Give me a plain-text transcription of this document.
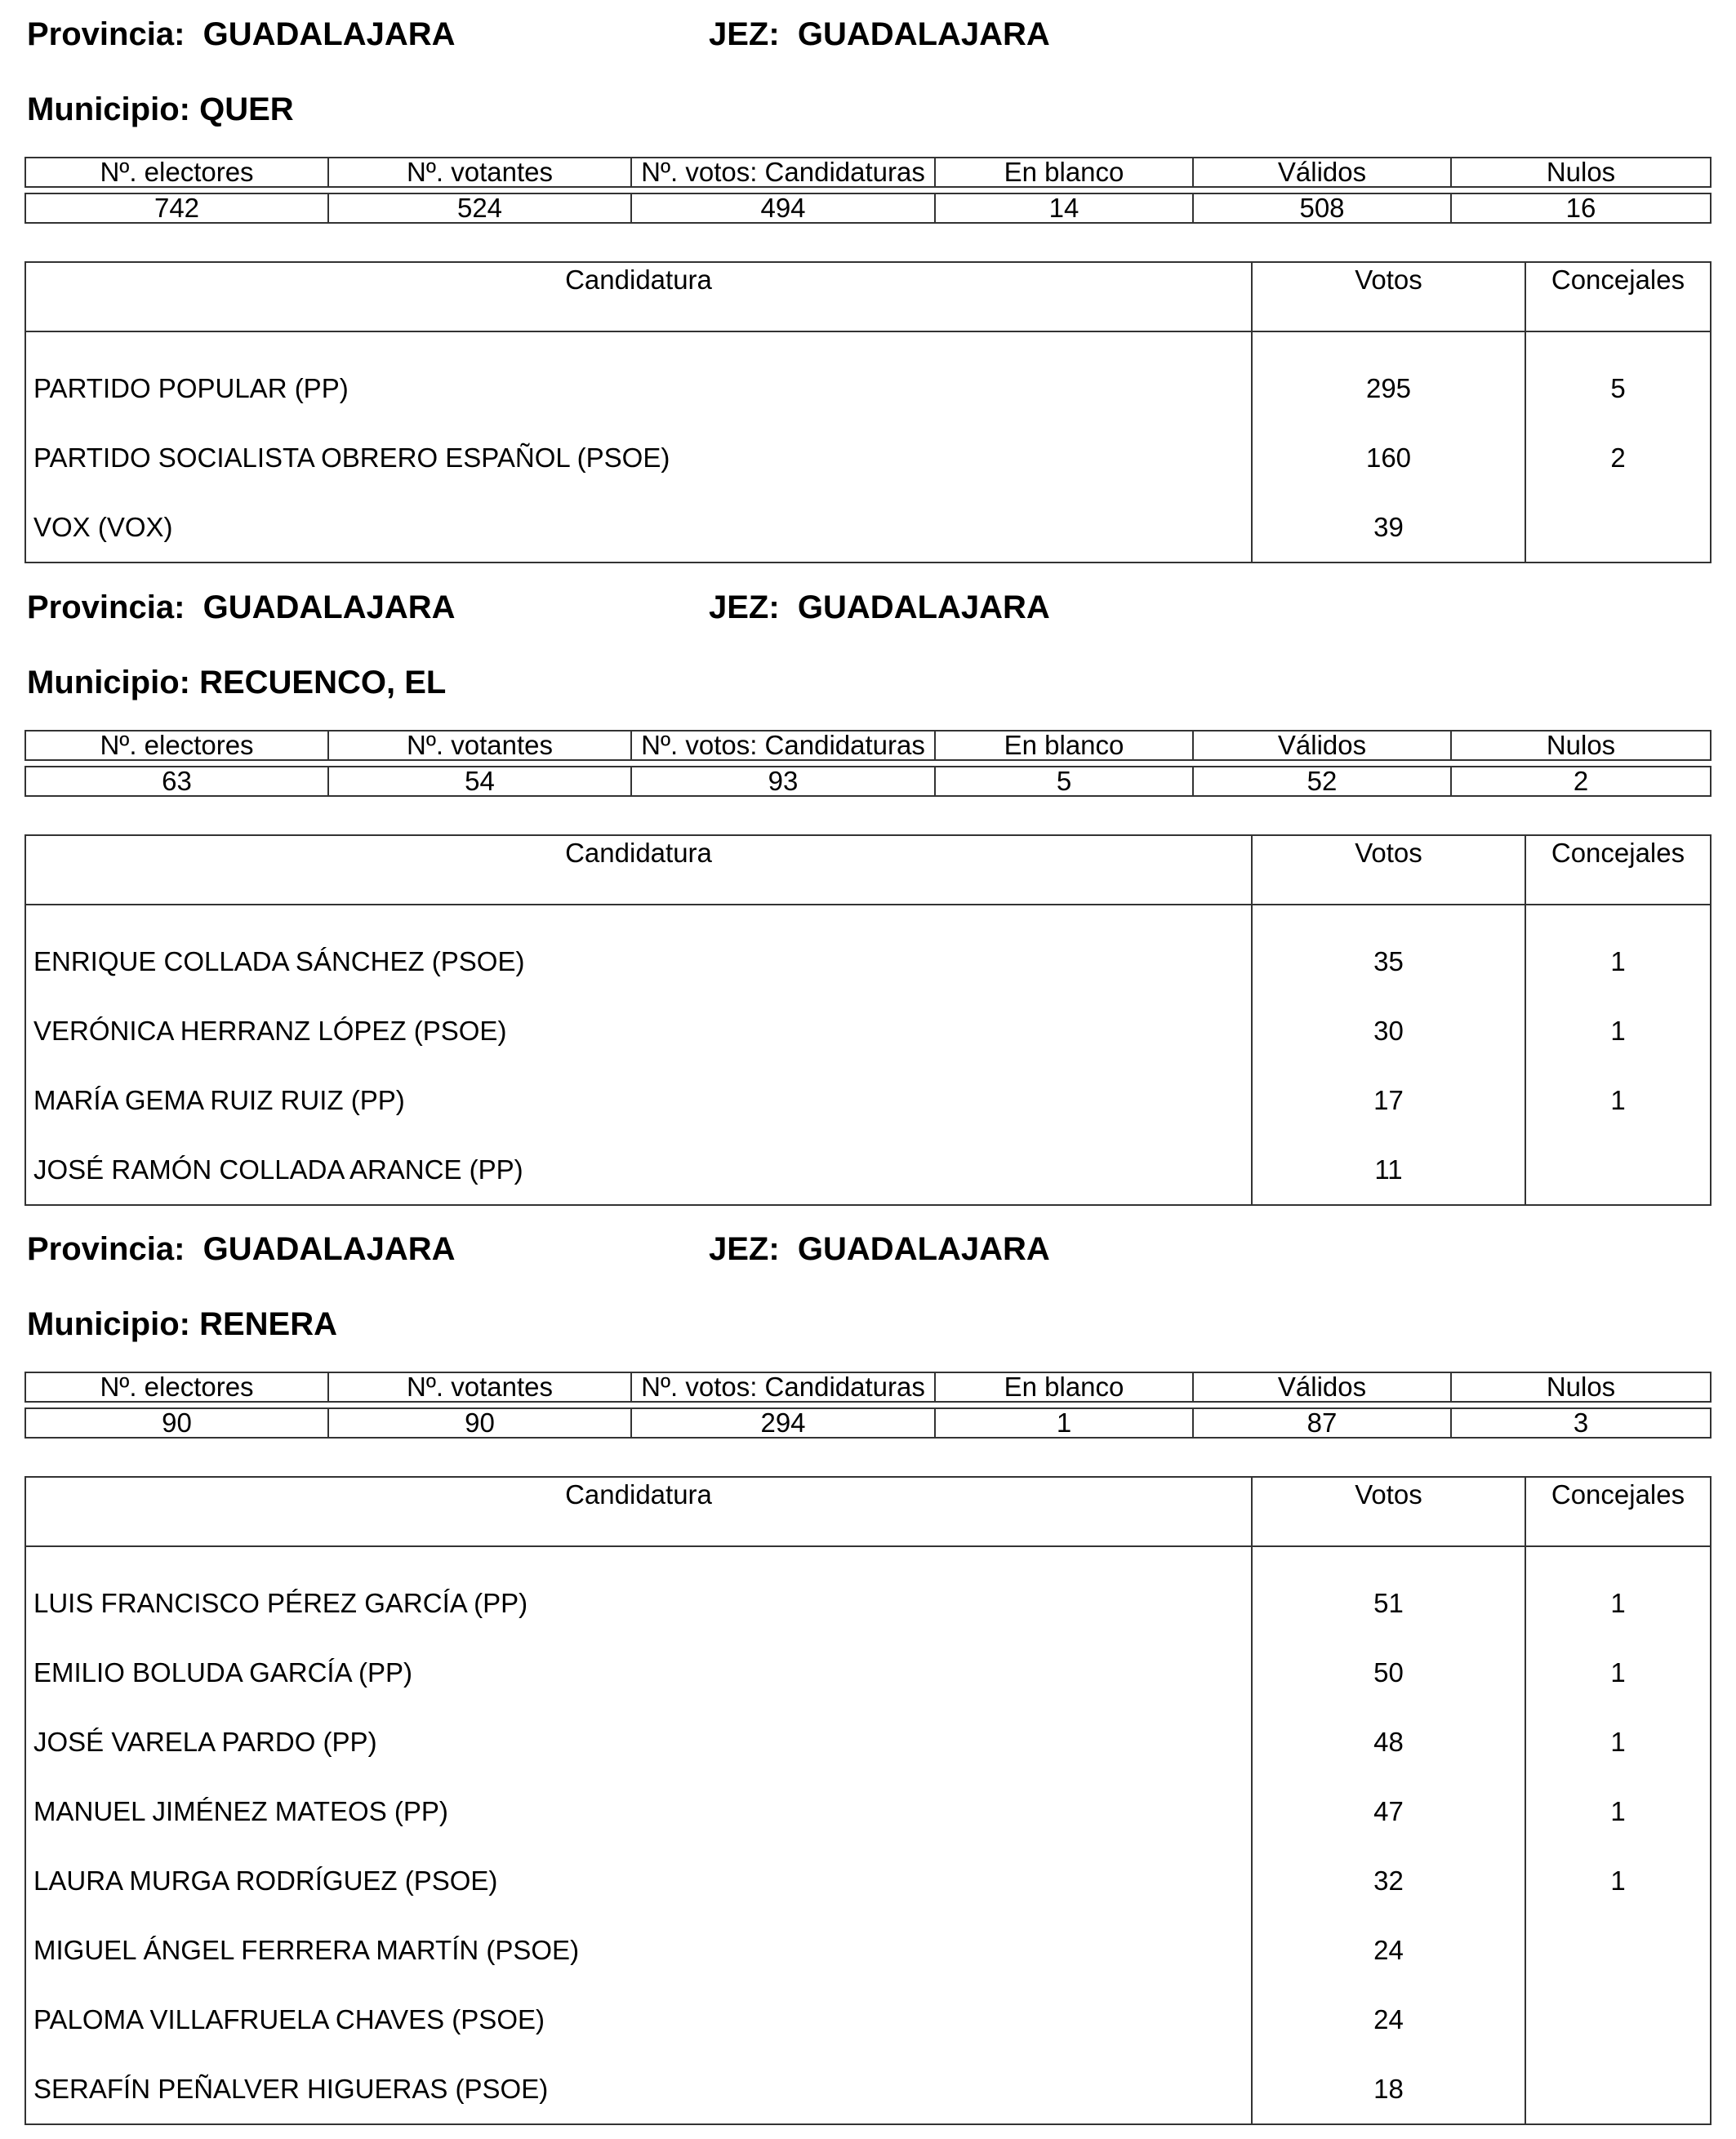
Provincia: GUADALAJARA	JEZ: GUADALAJARA
Municipio: QUER
Nº. electores	Nº. votantes	Nº. votos: Candidaturas	En blanco	Válidos	Nulos

742	524	494	14	508	16
Candidatura	Votos	Concejales

PARTIDO POPULAR (PP)	295	5
PARTIDO SOCIALISTA OBRERO ESPAÑOL (PSOE)	160	2
VOX (VOX)	39	
Provincia: GUADALAJARA	JEZ: GUADALAJARA
Municipio: RECUENCO, EL
Nº. electores	Nº. votantes	Nº. votos: Candidaturas	En blanco	Válidos	Nulos

63	54	93	5	52	2
Candidatura	Votos	Concejales

ENRIQUE COLLADA SÁNCHEZ (PSOE)	35	1
VERÓNICA HERRANZ LÓPEZ (PSOE)	30	1
MARÍA GEMA RUIZ RUIZ (PP)	17	1
JOSÉ RAMÓN COLLADA ARANCE (PP)	11	
Provincia: GUADALAJARA	JEZ: GUADALAJARA
Municipio: RENERA
Nº. electores	Nº. votantes	Nº. votos: Candidaturas	En blanco	Válidos	Nulos

90	90	294	1	87	3
Candidatura	Votos	Concejales

LUIS FRANCISCO PÉREZ GARCÍA (PP)	51	1
EMILIO BOLUDA GARCÍA (PP)	50	1
JOSÉ VARELA PARDO (PP)	48	1
MANUEL JIMÉNEZ MATEOS (PP)	47	1
LAURA MURGA RODRÍGUEZ (PSOE)	32	1
MIGUEL ÁNGEL FERRERA MARTÍN (PSOE)	24	
PALOMA VILLAFRUELA CHAVES (PSOE)	24	
SERAFÍN PEÑALVER HIGUERAS (PSOE)	18	
